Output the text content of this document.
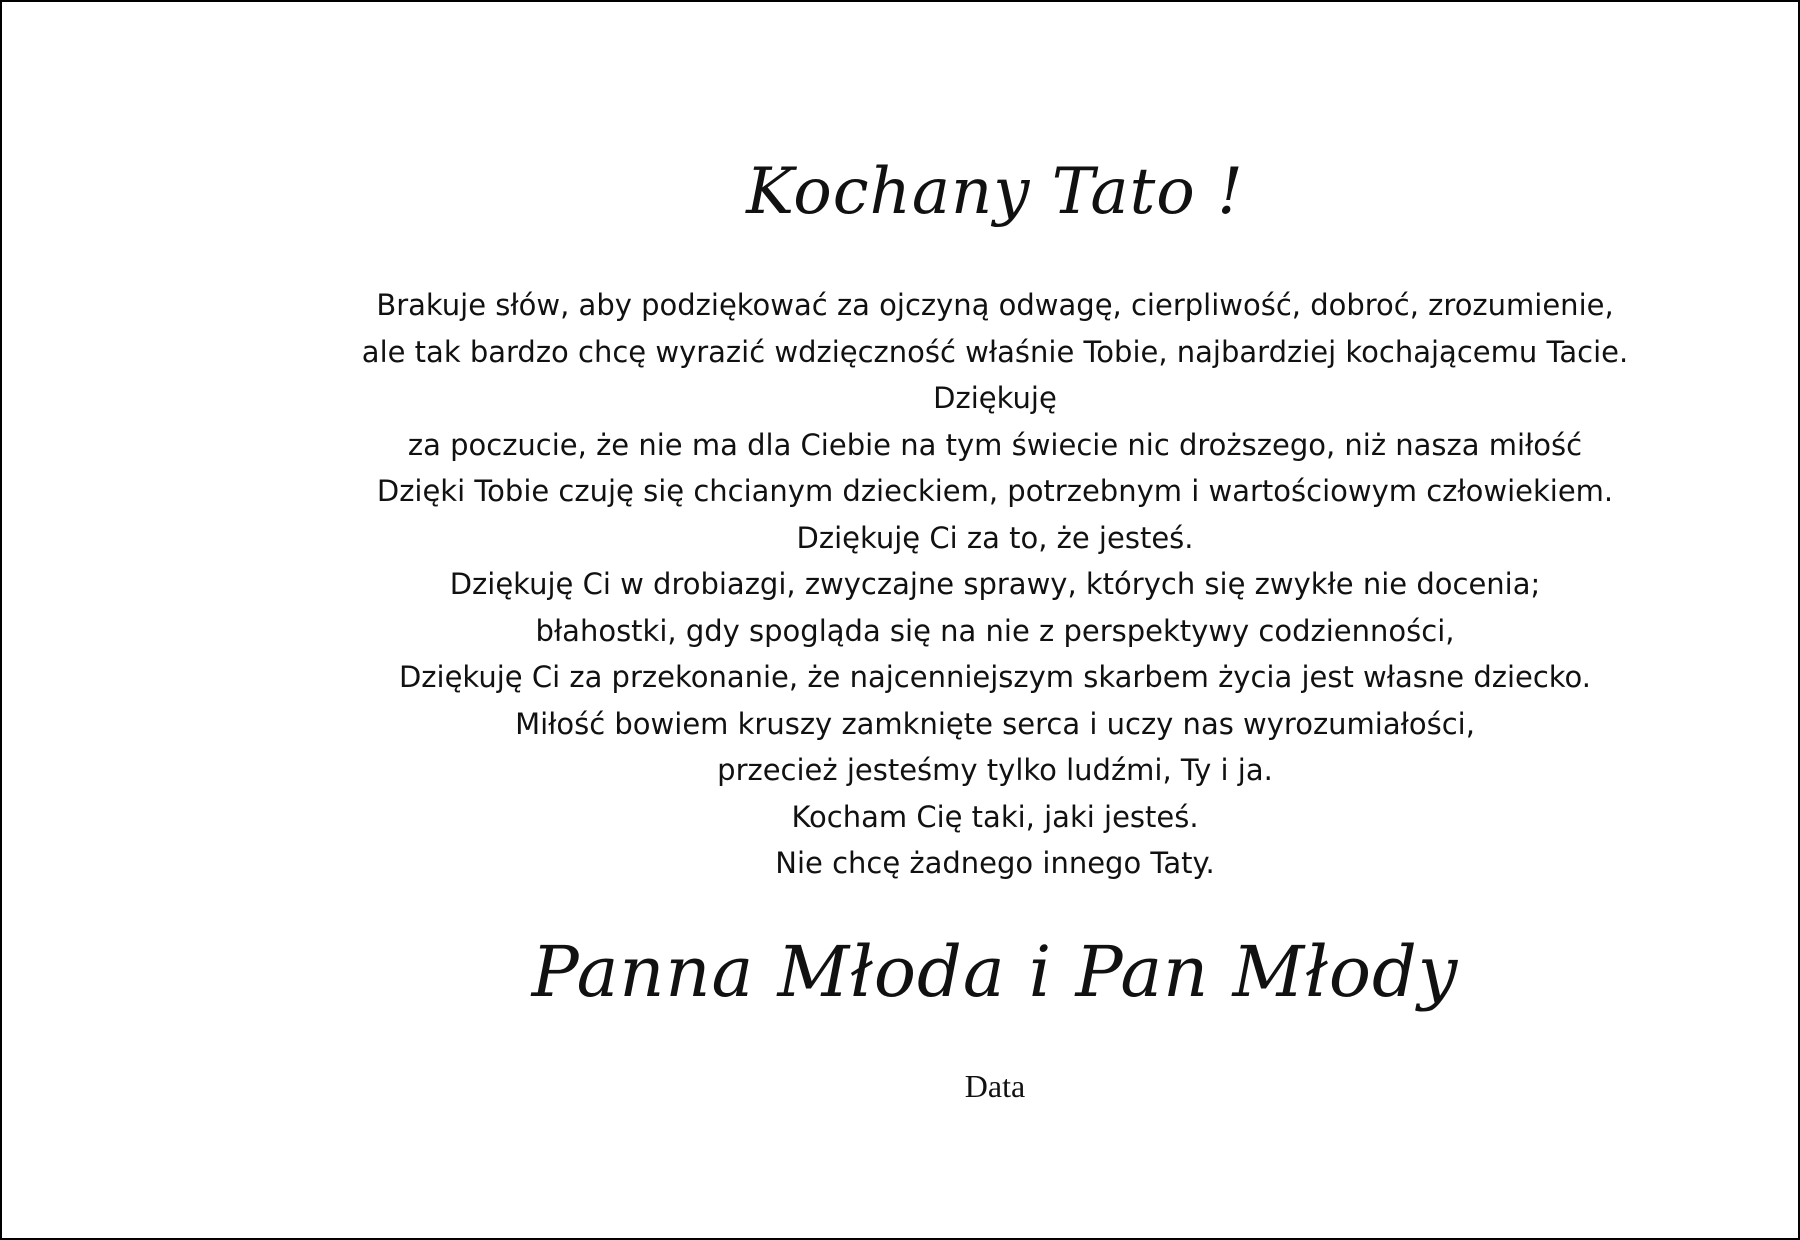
Kochany Tato !
Brakuje słów, aby podziękować za ojczyną odwagę, cierpliwość, dobroć, zrozumienie,
ale tak bardzo chcę wyrazić wdzięczność właśnie Tobie, najbardziej kochającemu Tacie.
Dziękuję
za poczucie, że nie ma dla Ciebie na tym świecie nic droższego, niż nasza miłość
Dzięki Tobie czuję się chcianym dzieckiem, potrzebnym i wartościowym człowiekiem.
Dziękuję Ci za to, że jesteś.
Dziękuję Ci w drobiazgi, zwyczajne sprawy, których się zwykłe nie docenia;
błahostki, gdy spogląda się na nie z perspektywy codzienności,
Dziękuję Ci za przekonanie, że najcenniejszym skarbem życia jest własne dziecko.
Miłość bowiem kruszy zamknięte serca i uczy nas wyrozumiałości,
przecież jesteśmy tylko ludźmi, Ty i ja.
Kocham Cię taki, jaki jesteś.
Nie chcę żadnego innego Taty.
Panna Młoda i Pan Młody
Data
